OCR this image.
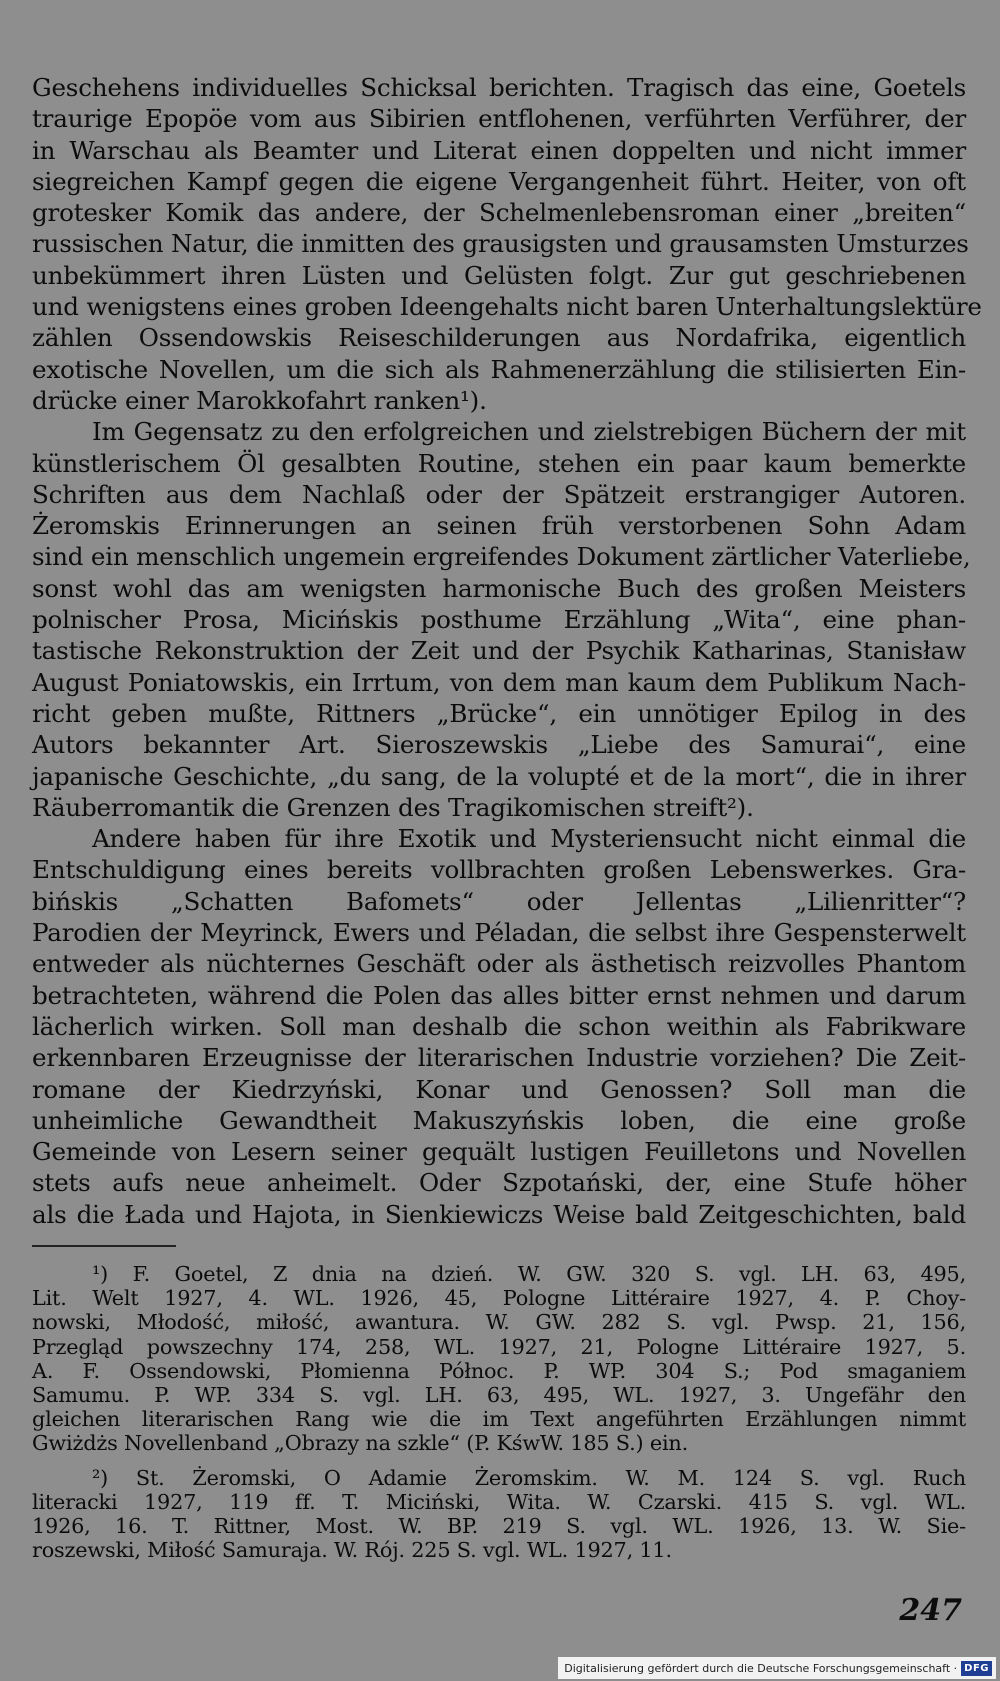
Geschehens individuelles Schicksal berichten. Tragisch das eine, Goetels
traurige Epopöe vom aus Sibirien entflohenen, verführten Verführer, der
in Warschau als Beamter und Literat einen doppelten und nicht immer
siegreichen Kampf gegen die eigene Vergangenheit führt. Heiter, von oft
grotesker Komik das andere, der Schelmenlebensroman einer „breiten“
russischen Natur, die inmitten des grausigsten und grausamsten Umsturzes
unbekümmert ihren Lüsten und Gelüsten folgt. Zur gut geschriebenen
und wenigstens eines groben Ideengehalts nicht baren Unterhaltungslektüre
zählen Ossendowskis Reiseschilderungen aus Nordafrika, eigentlich
exotische Novellen, um die sich als Rahmenerzählung die stilisierten Ein-
drücke einer Marokkofahrt ranken¹).
Im Gegensatz zu den erfolgreichen und zielstrebigen Büchern der mit
künstlerischem Öl gesalbten Routine, stehen ein paar kaum bemerkte
Schriften aus dem Nachlaß oder der Spätzeit erstrangiger Autoren.
Żeromskis Erinnerungen an seinen früh verstorbenen Sohn Adam
sind ein menschlich ungemein ergreifendes Dokument zärtlicher Vaterliebe,
sonst wohl das am wenigsten harmonische Buch des großen Meisters
polnischer Prosa, Micińskis posthume Erzählung „Wita“, eine phan-
tastische Rekonstruktion der Zeit und der Psychik Katharinas, Stanisław
August Poniatowskis, ein Irrtum, von dem man kaum dem Publikum Nach-
richt geben mußte, Rittners „Brücke“, ein unnötiger Epilog in des
Autors bekannter Art. Sieroszewskis „Liebe des Samurai“, eine
japanische Geschichte, „du sang, de la volupté et de la mort“, die in ihrer
Räuberromantik die Grenzen des Tragikomischen streift²).
Andere haben für ihre Exotik und Mysteriensucht nicht einmal die
Entschuldigung eines bereits vollbrachten großen Lebenswerkes. Gra-
bińskis „Schatten Bafomets“ oder Jellentas „Lilienritter“?
Parodien der Meyrinck, Ewers und Péladan, die selbst ihre Gespensterwelt
entweder als nüchternes Geschäft oder als ästhetisch reizvolles Phantom
betrachteten, während die Polen das alles bitter ernst nehmen und darum
lächerlich wirken. Soll man deshalb die schon weithin als Fabrikware
erkennbaren Erzeugnisse der literarischen Industrie vorziehen? Die Zeit-
romane der Kiedrzyński, Konar und Genossen? Soll man die
unheimliche Gewandtheit Makuszyńskis loben, die eine große
Gemeinde von Lesern seiner gequält lustigen Feuilletons und Novellen
stets aufs neue anheimelt. Oder Szpotański, der, eine Stufe höher
als die Łada und Hajota, in Sienkiewiczs Weise bald Zeitgeschichten, bald
¹) F. Goetel, Z dnia na dzień. W. GW. 320 S. vgl. LH. 63, 495,
Lit. Welt 1927, 4. WL. 1926, 45, Pologne Littéraire 1927, 4. P. Choy-
nowski, Młodość, miłość, awantura. W. GW. 282 S. vgl. Pwsp. 21, 156,
Przegląd powszechny 174, 258, WL. 1927, 21, Pologne Littéraire 1927, 5.
A. F. Ossendowski, Płomienna Północ. P. WP. 304 S.; Pod smaganiem
Samumu. P. WP. 334 S. vgl. LH. 63, 495, WL. 1927, 3. Ungefähr den
gleichen literarischen Rang wie die im Text angeführten Erzählungen nimmt
Gwiżdżs Novellenband „Obrazy na szkle“ (P. KśwW. 185 S.) ein.
²) St. Żeromski, O Adamie Żeromskim. W. M. 124 S. vgl. Ruch
literacki 1927, 119 ff. T. Miciński, Wita. W. Czarski. 415 S. vgl. WL.
1926, 16. T. Rittner, Most. W. BP. 219 S. vgl. WL. 1926, 13. W. Sie-
roszewski, Miłość Samuraja. W. Rój. 225 S. vgl. WL. 1927, 11.
247
Digitalisierung gefördert durch die Deutsche Forschungsgemeinschaft · DFG
